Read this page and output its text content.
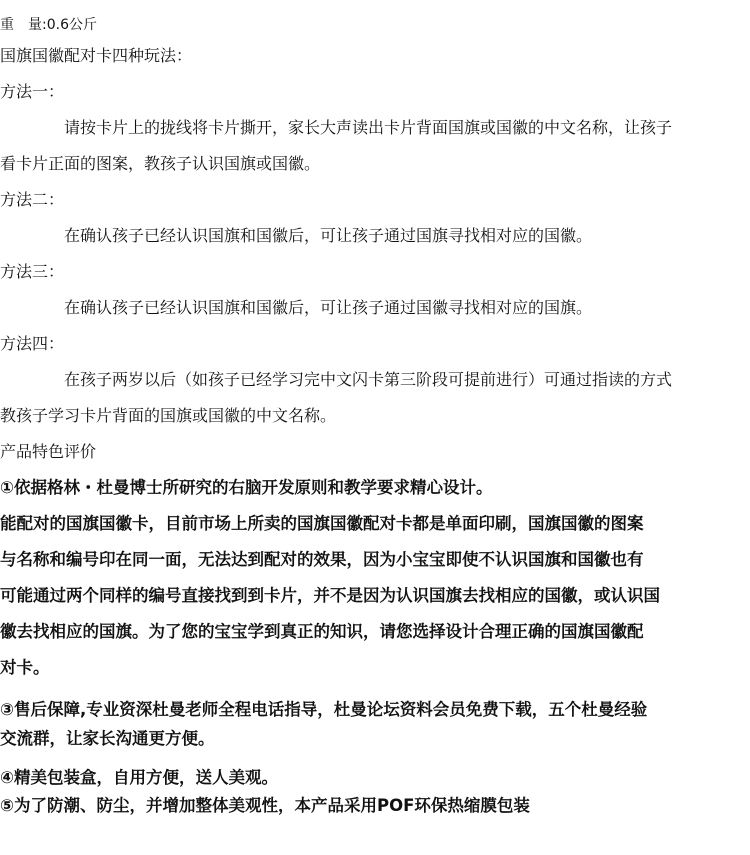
重　量:0.6公斤
国旗国徽配对卡四种玩法：
方法一：
请按卡片上的拢线将卡片撕开，家长大声读出卡片背面国旗或国徽的中文名称，让孩子
看卡片正面的图案，教孩子认识国旗或国徽。
方法二：
在确认孩子已经认识国旗和国徽后，可让孩子通过国旗寻找相对应的国徽。
方法三：
在确认孩子已经认识国旗和国徽后，可让孩子通过国徽寻找相对应的国旗。
方法四：
在孩子两岁以后（如孩子已经学习完中文闪卡第三阶段可提前进行）可通过指读的方式
教孩子学习卡片背面的国旗或国徽的中文名称。
产品特色评价
①依据格林・杜曼博士所研究的右脑开发原则和教学要求精心设计。
能配对的国旗国徽卡，目前市场上所卖的国旗国徽配对卡都是单面印刷，国旗国徽的图案
与名称和编号印在同一面，无法达到配对的效果，因为小宝宝即使不认识国旗和国徽也有
可能通过两个同样的编号直接找到到卡片，并不是因为认识国旗去找相应的国徽，或认识国
徽去找相应的国旗。为了您的宝宝学到真正的知识，请您选择设计合理正确的国旗国徽配
对卡。
③售后保障,专业资深杜曼老师全程电话指导，杜曼论坛资料会员免费下载，五个杜曼经验
交流群，让家长沟通更方便。
④精美包装盒，自用方便，送人美观。
⑤为了防潮、防尘，并增加整体美观性，本产品采用POF环保热缩膜包装
